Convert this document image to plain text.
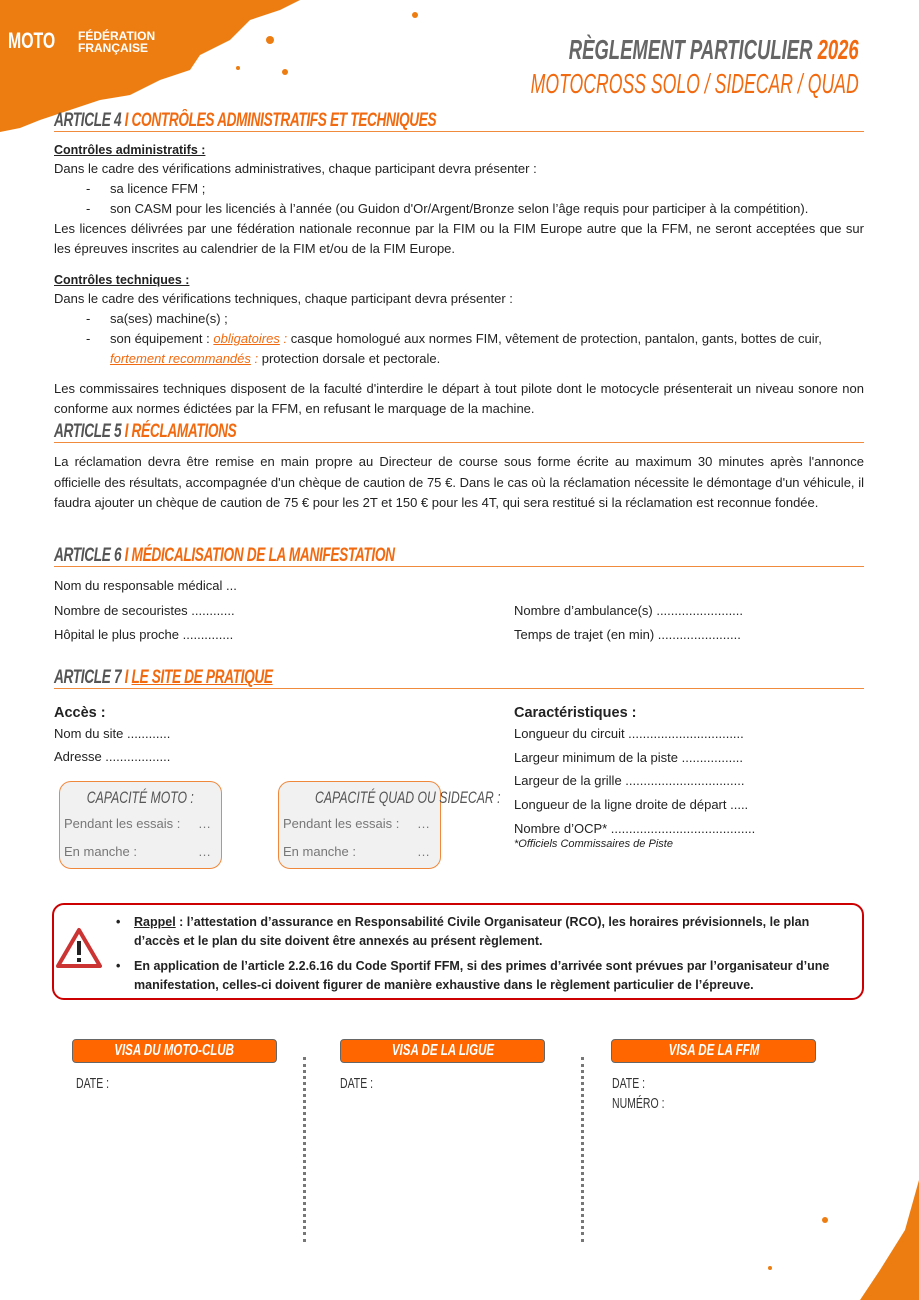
MOTO FÉDÉRATION
FRANÇAISE	RÈGLEMENT PARTICULIER 2026
MOTOCROSS SOLO / SIDECAR / QUAD
ARTICLE 4 I CONTRÔLES ADMINISTRATIFS ET TECHNIQUES
Contrôles administratifs :
Dans le cadre des vérifications administratives, chaque participant devra présenter :
- sa licence FFM ;
- son CASM pour les licenciés à l’année (ou Guidon d'Or/Argent/Bronze selon l’âge requis pour participer à la compétition).

Les licences délivrées par une fédération nationale reconnue par la FIM ou la FIM Europe autre que la FFM, ne seront acceptées que sur les épreuves inscrites au calendrier de la FIM et/ou de la FIM Europe.

Contrôles techniques :
Dans le cadre des vérifications techniques, chaque participant devra présenter :
- sa(ses) machine(s) ;
- son équipement : obligatoires : casque homologué aux normes FIM, vêtement de protection, pantalon, gants, bottes de cuir,
fortement recommandés : protection dorsale et pectorale.

Les commissaires techniques disposent de la faculté d'interdire le départ à tout pilote dont le motocycle présenterait un niveau sonore non conforme aux normes édictées par la FFM, en refusant le marquage de la machine.

ARTICLE 5 I RÉCLAMATIONS

La réclamation devra être remise en main propre au Directeur de course sous forme écrite au maximum 30 minutes après l'annonce officielle des résultats, accompagnée d'un chèque de caution de 75 €. Dans le cas où la réclamation nécessite le démontage d'un véhicule, il faudra ajouter un chèque de caution de 75 € pour les 2T et 150 € pour les 4T, qui sera restitué si la réclamation est reconnue fondée.

ARTICLE 6 I MÉDICALISATION DE LA MANIFESTATION
Nom du responsable médical ...
Nombre de secouristes ............
Hôpital le plus proche ..............
Nombre d’ambulance(s) ........................
Temps de trajet (en min) .......................
ARTICLE 7 I LE SITE DE PRATIQUE
Accès :
Nom du site ............
Adresse ..................
CAPACITÉ MOTO :
Pendant les essais : …
En manche :	…
CAPACITÉ QUAD OU SIDECAR :
Pendant les essais : …
En manche :	…
Caractéristiques :
Longueur du circuit ................................
Largeur minimum de la piste .................
Largeur de la grille .................................
Longueur de la ligne droite de départ .....
Nombre d’OCP* ........................................
*Officiels Commissaires de Piste
• Rappel : l’attestation d’assurance en Responsabilité Civile Organisateur (RCO), les horaires prévisionnels, le plan d’accès et le plan du site doivent être annexés au présent règlement.
• En application de l’article 2.2.6.16 du Code Sportif FFM, si des primes d’arrivée sont prévues par l’organisateur d’une manifestation, celles-ci doivent figurer de manière exhaustive dans le règlement particulier de l’épreuve.
VISA DU MOTO-CLUB	VISA DE LA LIGUE	VISA DE LA FFM
DATE :	DATE :	DATE :
NUMÉRO :
